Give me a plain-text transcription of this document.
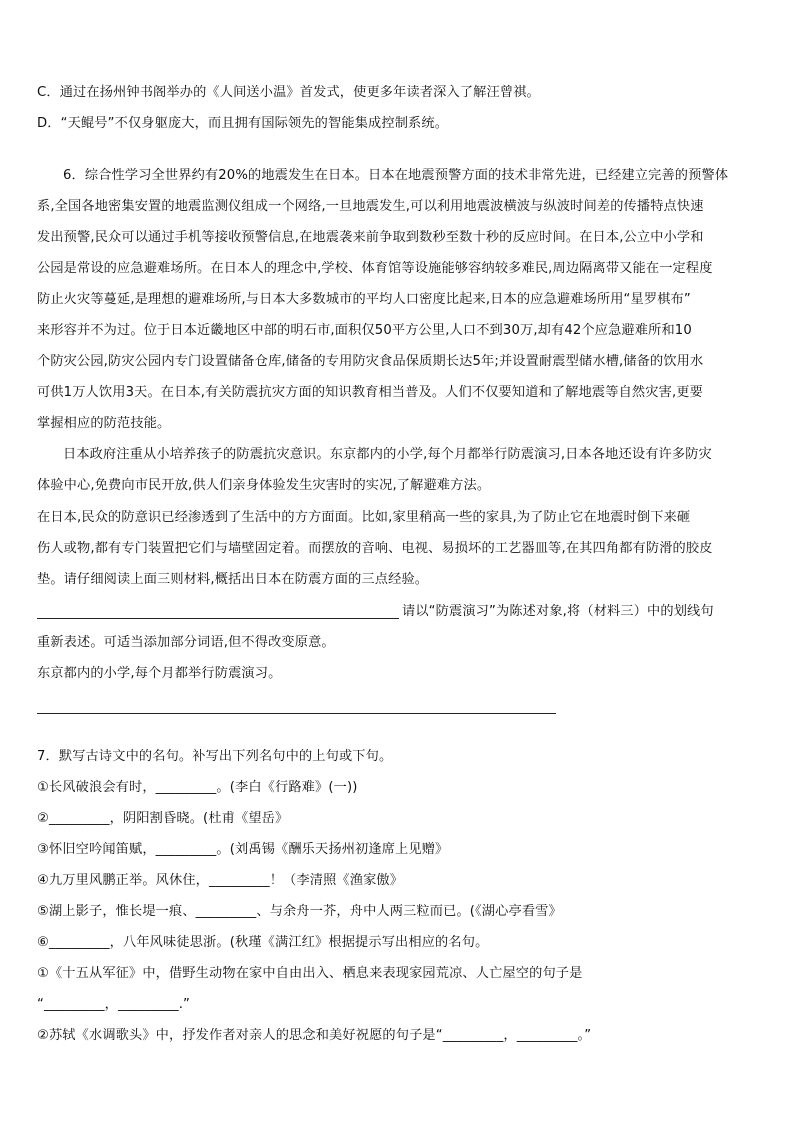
C．通过在扬州钟书阁举办的《人间送小温》首发式，使更多年读者深入了解汪曾祺。
D．“天鲲号”不仅身躯庞大，而且拥有国际领先的智能集成控制系统。
6．综合性学习全世界约有20%的地震发生在日本。日本在地震预警方面的技术非常先进，已经建立完善的预警体
系,全国各地密集安置的地震监测仪组成一个网络,一旦地震发生,可以利用地震波横波与纵波时间差的传播特点快速
发出预警,民众可以通过手机等接收预警信息,在地震袭来前争取到数秒至数十秒的反应时间。在日本,公立中小学和
公园是常设的应急避难场所。在日本人的理念中,学校、体育馆等设施能够容纳较多难民,周边隔离带又能在一定程度
防止火灾等蔓延,是理想的避难场所,与日本大多数城市的平均人口密度比起来,日本的应急避难场所用“星罗棋布”
来形容并不为过。位于日本近畿地区中部的明石市,面积仅50平方公里,人口不到30万,却有42个应急避难所和10
个防灾公园,防灾公园内专门设置储备仓库,储备的专用防灾食品保质期长达5年;并设置耐震型储水槽,储备的饮用水
可供1万人饮用3天。在日本,有关防震抗灾方面的知识教育相当普及。人们不仅要知道和了解地震等自然灾害,更要
掌握相应的防范技能。
日本政府注重从小培养孩子的防震抗灾意识。东京都内的小学,每个月都举行防震演习,日本各地还设有许多防灾
体验中心,免费向市民开放,供人们亲身体验发生灾害时的实况,了解避难方法。
在日本,民众的防意识已经渗透到了生活中的方方面面。比如,家里稍高一些的家具,为了防止它在地震时倒下来砸
伤人或物,都有专门装置把它们与墙壁固定着。而摆放的音响、电视、易损坏的工艺器皿等,在其四角都有防滑的胶皮
垫。请仔细阅读上面三则材料,概括出日本在防震方面的三点经验。
请以“防震演习”为陈述对象,将（材料三）中的划线句
重新表述。可适当添加部分词语,但不得改变原意。
东京都内的小学,每个月都举行防震演习。
7．默写古诗文中的名句。补写出下列名句中的上句或下句。
①长风破浪会有时，_________。(李白《行路难》(一))
②_________，阴阳割昏晓。(杜甫《望岳》
③怀旧空吟闻笛赋，_________。(刘禹锡《酬乐天扬州初逢席上见赠》
④九万里风鹏正举。风休住，_________！（李清照《渔家傲》
⑤湖上影子，惟长堤一痕、_________、与余舟一芥，舟中人两三粒而已。(《湖心亭看雪》
⑥_________，八年风味徒思浙。(秋瑾《满江红》根据提示写出相应的名句。
①《十五从军征》中，借野生动物在家中自由出入、栖息来表现家园荒凉、人亡屋空的句子是
“_________，_________.”
②苏轼《水调歌头》中，抒发作者对亲人的思念和美好祝愿的句子是“_________，_________。”
